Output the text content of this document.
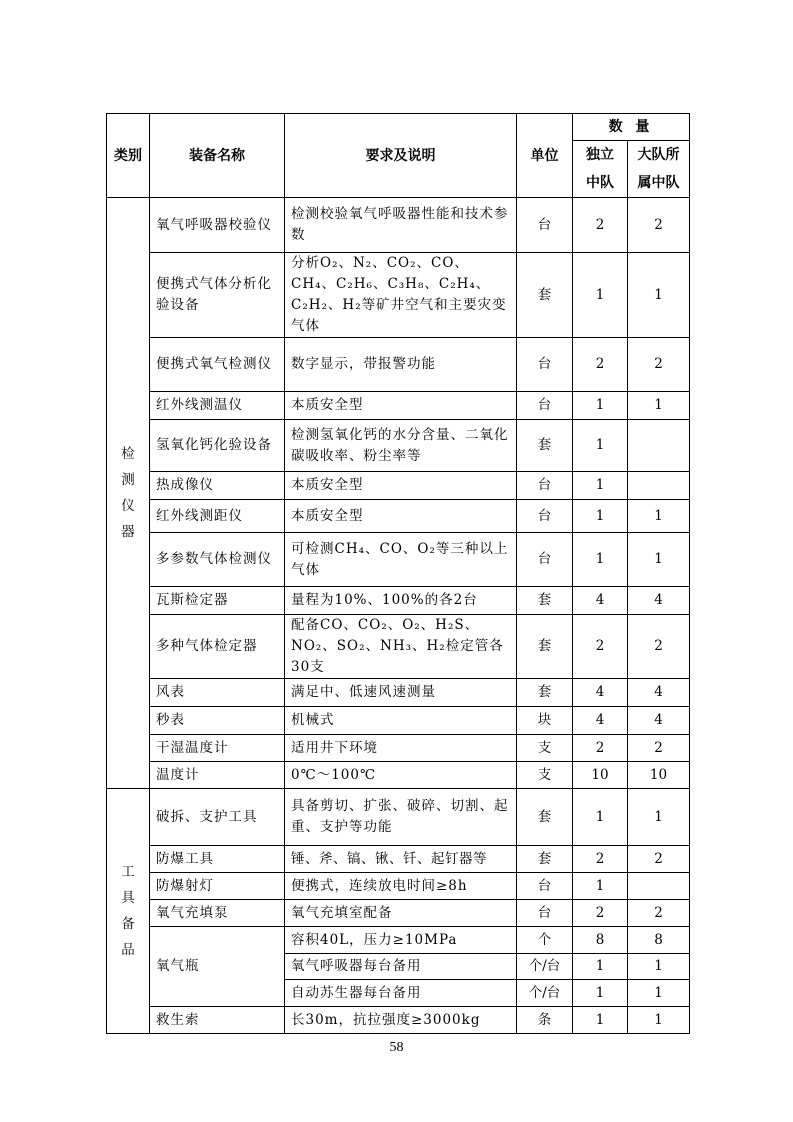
类别	装备名称	要求及说明	单位	数 量	
				独立中队	大队所属中队

检
测
仪
器	氧气呼吸器校验仪	检测校验氧气呼吸器性能和技术参数	台	2	2
	便携式气体分析化验设备	分析O₂、N₂、CO₂、CO、CH₄、C₂H₆、C₃H₈、C₂H₄、C₂H₂、H₂等矿井空气和主要灾变气体	套	1	1
	便携式氧气检测仪	数字显示，带报警功能	台	2	2
	红外线测温仪	本质安全型	台	1	1
	氢氧化钙化验设备	检测氢氧化钙的水分含量、二氧化碳吸收率、粉尘率等	套	1	
	热成像仪	本质安全型	台	1	
	红外线测距仪	本质安全型	台	1	1
	多参数气体检测仪	可检测CH₄、CO、O₂等三种以上气体	台	1	1
	瓦斯检定器	量程为10%、100%的各2台	套	4	4
	多种气体检定器	配备CO、CO₂、O₂、H₂S、NO₂、SO₂、NH₃、H₂检定管各30支	套	2	2
	风表	满足中、低速风速测量	套	4	4
	秒表	机械式	块	4	4
	干湿温度计	适用井下环境	支	2	2
	温度计	0℃～100℃	支	10	10

工
具
备
品	破拆、支护工具	具备剪切、扩张、破碎、切割、起重、支护等功能	套	1	1
	防爆工具	锤、斧、镐、锹、钎、起钉器等	套	2	2
	防爆射灯	便携式，连续放电时间≥8h	台	1	
	氧气充填泵	氧气充填室配备	台	2	2
	氧气瓶	容积40L，压力≥10MPa	个	8	8
		氧气呼吸器每台备用	个/台	1	1
		自动苏生器每台备用	个/台	1	1
	救生索	长30m，抗拉强度≥3000kg	条	1	1
58
